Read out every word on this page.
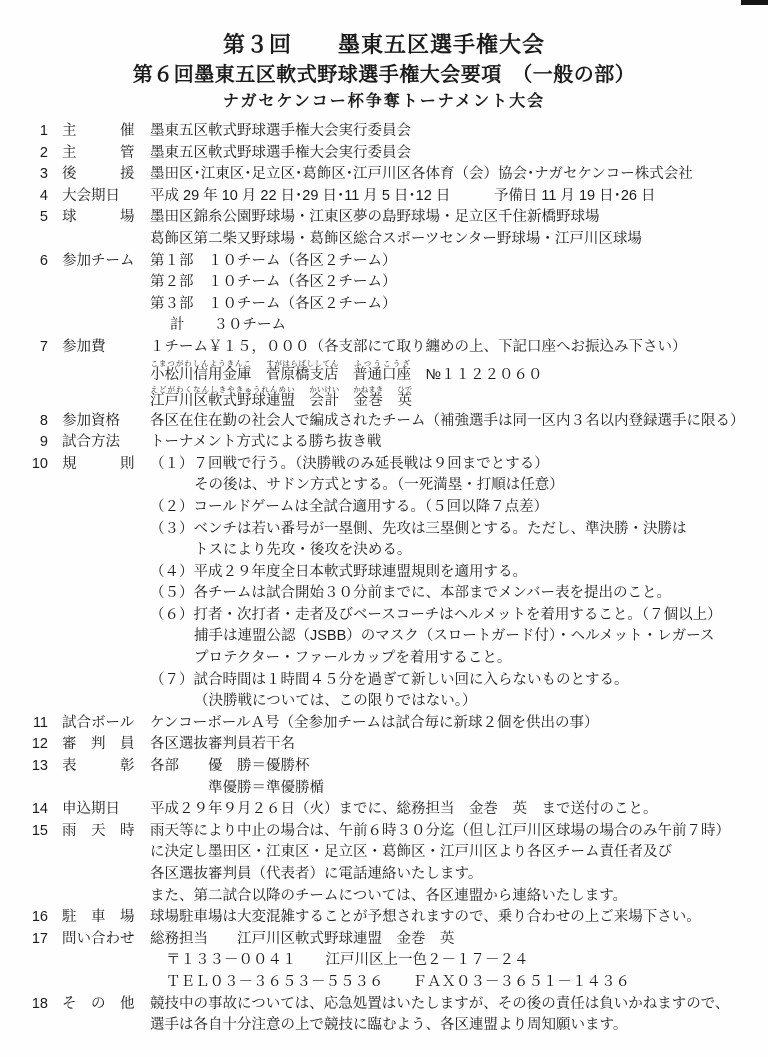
第３回　　墨東五区選手権大会
第６回墨東五区軟式野球選手権大会要項　（一般の部）
ナガセケンコー杯争奪トーナメント大会
1 主　　　催	墨東五区軟式野球選手権大会実行委員会
2 主　　　管	墨東五区軟式野球選手権大会実行委員会
3 後　　　援	墨田区･江東区･足立区･葛飾区･江戸川区各体育（会）協会･ナガセケンコー株式会社
4 大会期日	平成 29 年 10 月 22 日･29 日･11 月 5 日･12 日　　　予備日 11 月 19 日･26 日
5 球　　　場	墨田区錦糸公園野球場・江東区夢の島野球場・足立区千住新橋野球場
葛飾区第二柴又野球場・葛飾区総合スポーツセンター野球場・江戸川区球場
6 参加チーム	第１部　１０チーム（各区２チーム）
第２部　１０チーム（各区２チーム）
第３部　１０チーム（各区２チーム）
計　　３０チーム
7 参加費	１チーム￥１５，０００（各支部にて取り纏めの上、下記口座へお振込み下さい）
小松川信用金庫こまつがわしんようきんこ　菅原橋支店すがはらばししてん　普通口座ふつうこうざ　№１１２２０６０
江戸川区軟式野球連盟えどがわくなんしきやきゅうれんめい　会計かいけい　金巻かねまき　英ひで
8 参加資格	各区在住在勤の社会人で編成されたチーム（補強選手は同一区内３名以内登録選手に限る）
9 試合方法	トーナメント方式による勝ち抜き戦
10 規　　　則	（１）７回戦で行う。（決勝戦のみ延長戦は９回までとする）
その後は、サドン方式とする。（一死満塁・打順は任意）
（２）コールドゲームは全試合適用する。（５回以降７点差）
（３）ベンチは若い番号が一塁側、先攻は三塁側とする。ただし、準決勝・決勝は
トスにより先攻・後攻を決める。
（４）平成２９年度全日本軟式野球連盟規則を適用する。
（５）各チームは試合開始３０分前までに、本部までメンバー表を提出のこと。
（６）打者・次打者・走者及びベースコーチはヘルメットを着用すること。（７個以上）
捕手は連盟公認（JSBB）のマスク（スロートガード付）・ヘルメット・レガース
プロテクター・ファールカップを着用すること。
（７）試合時間は１時間４５分を過ぎて新しい回に入らないものとする。
（決勝戦については、この限りではない。）
11 試合ボール	ケンコーボールＡ号（全参加チームは試合毎に新球２個を供出の事）
12 審　判　員	各区選抜審判員若干名
13 表　　　彰	各部　　優　勝＝優勝杯
準優勝＝準優勝楯
14 申込期日	平成２９年９月２６日（火）までに、総務担当　金巻　英　まで送付のこと。
15 雨　天　時	雨天等により中止の場合は、午前６時３０分迄（但し江戸川区球場の場合のみ午前７時）
に決定し墨田区・江東区・足立区・葛飾区・江戸川区より各区チーム責任者及び
各区選抜審判員（代表者）に電話連絡いたします。
また、第二試合以降のチームについては、各区連盟から連絡いたします。
16 駐　車　場	球場駐車場は大変混雑することが予想されますので、乗り合わせの上ご来場下さい。
17 問い合わせ	総務担当　　江戸川区軟式野球連盟　金巻　英
〒１３３－００４１　　江戸川区上一色２－１７－２４
ＴＥＬ０３－３６５３－５５３６　　ＦＡＸ０３－３６５１－１４３６
18 そ　の　他	競技中の事故については、応急処置はいたしますが、その後の責任は負いかねますので、
選手は各自十分注意の上で競技に臨むよう、各区連盟より周知願います。
